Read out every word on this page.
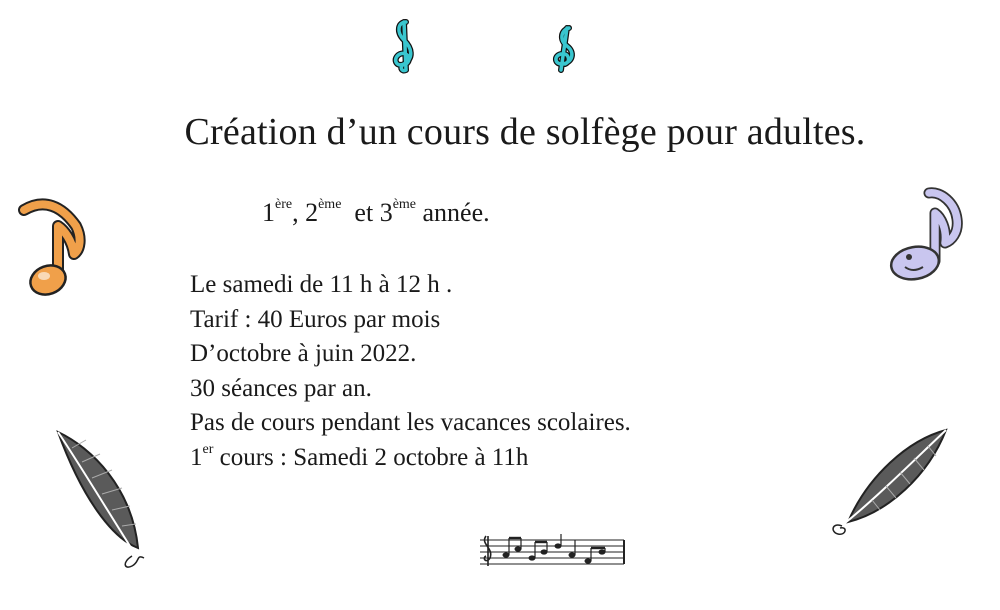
Création d’un cours de solfège pour adultes.
1ère, 2ème  et 3ème année.
Le samedi de 11 h à 12 h .
Tarif : 40 Euros par mois
D’octobre à juin 2022.
30 séances par an.
Pas de cours pendant les vacances scolaires.
1er cours : Samedi 2 octobre à 11h
